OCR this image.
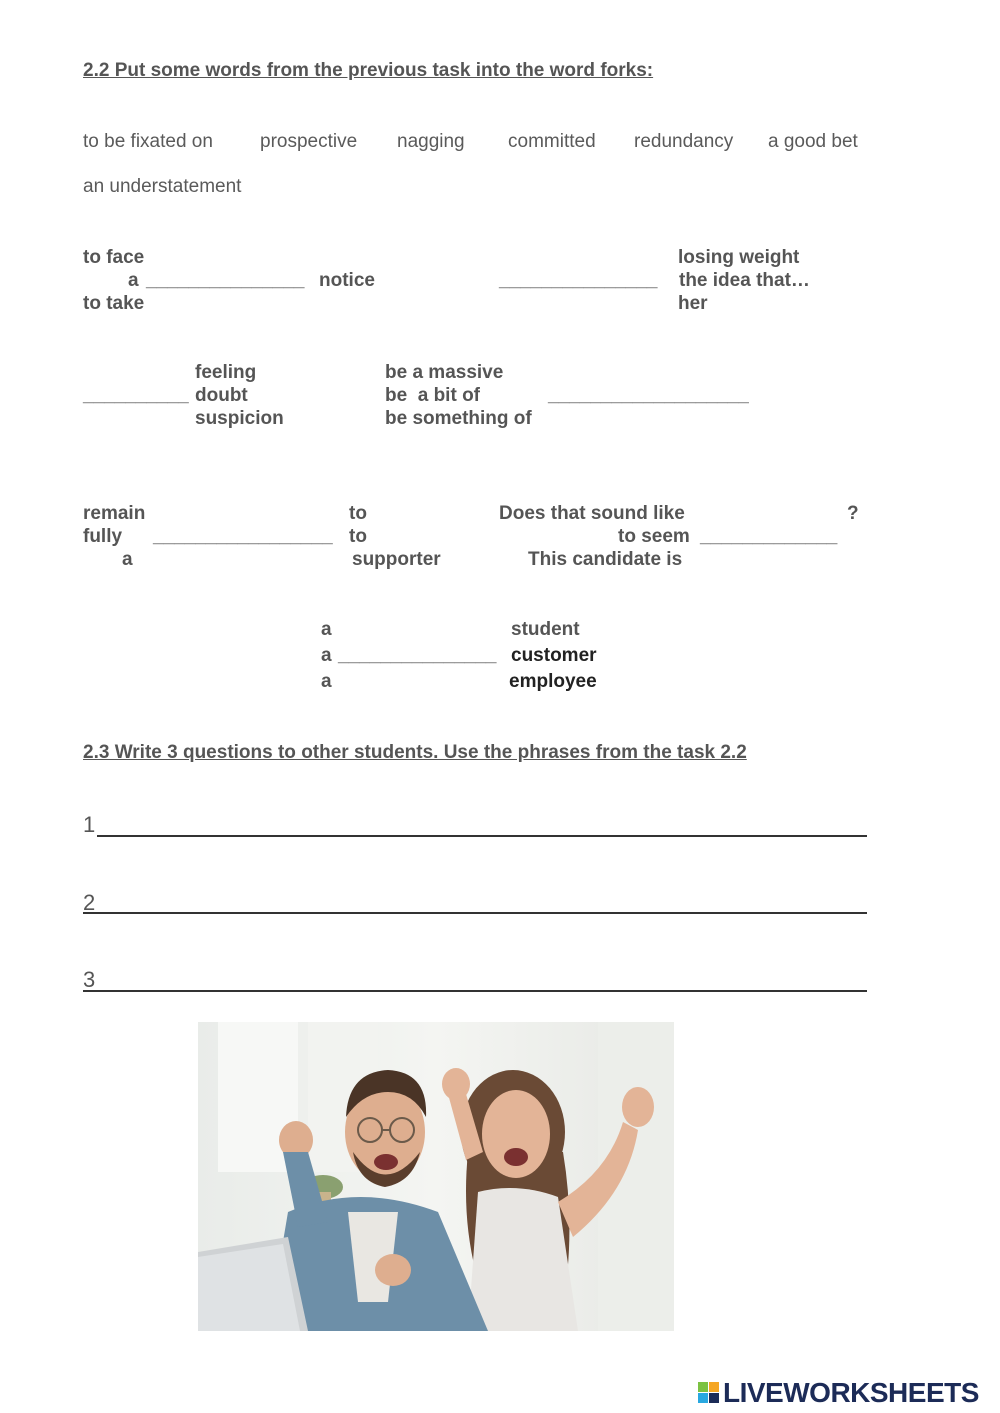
2.2 Put some words from the previous task into the word forks:
to be fixated on prospective nagging committed redundancy a good bet
an understatement
to face
a _______________ notice
to take
losing weight
_______________ the idea that…
her
feeling
__________ doubt
suspicion
be a massive
be  a bit of
be something of
___________________
remain
fully
a
_________________
to
to
supporter
Does that sound like	?
to seem _____________
This candidate is
a
a
a
_______________
student
customer
employee
2.3 Write 3 questions to other students. Use the phrases from the task 2.2
1
2
3
LIVEWORKSHEETS
